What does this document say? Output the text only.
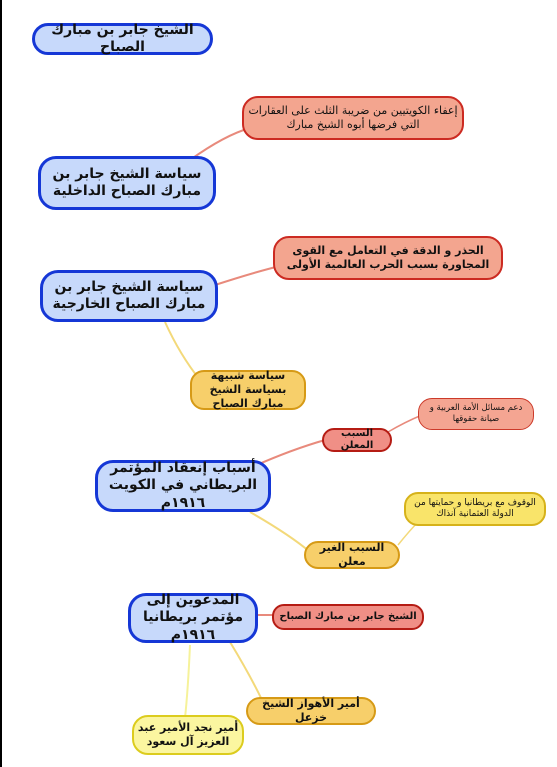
الشيخ جابر بن مبارك الصباح
سياسة الشيخ جابر بن مبارك الصباح الداخلية
إعفاء الكويتيين من ضريبة الثلث على العقارات التي فرضها أبوه الشيخ مبارك
سياسة الشيخ جابر بن مبارك الصباح الخارجية
الحذر و الدقة في التعامل مع القوى المجاورة بسبب الحرب العالمية الأولى
سياسة شبيهة بسياسة الشيخ مبارك الصباح
أسباب إنعقاد المؤتمر البريطاني في الكويت ١٩١٦م
السبب المعلن
دعم مسائل الأمة العربية و صيانة حقوقها
السبب الغير معلن
الوقوف مع بريطانيا و حمايتها من الدولة العثمانية آنذاك
المدعوين إلى مؤتمر بريطانيا ١٩١٦م
الشيخ جابر بن مبارك الصباح
أمير الأهواز الشيخ خزعل
أمير نجد الأمير عبد العزيز آل سعود
